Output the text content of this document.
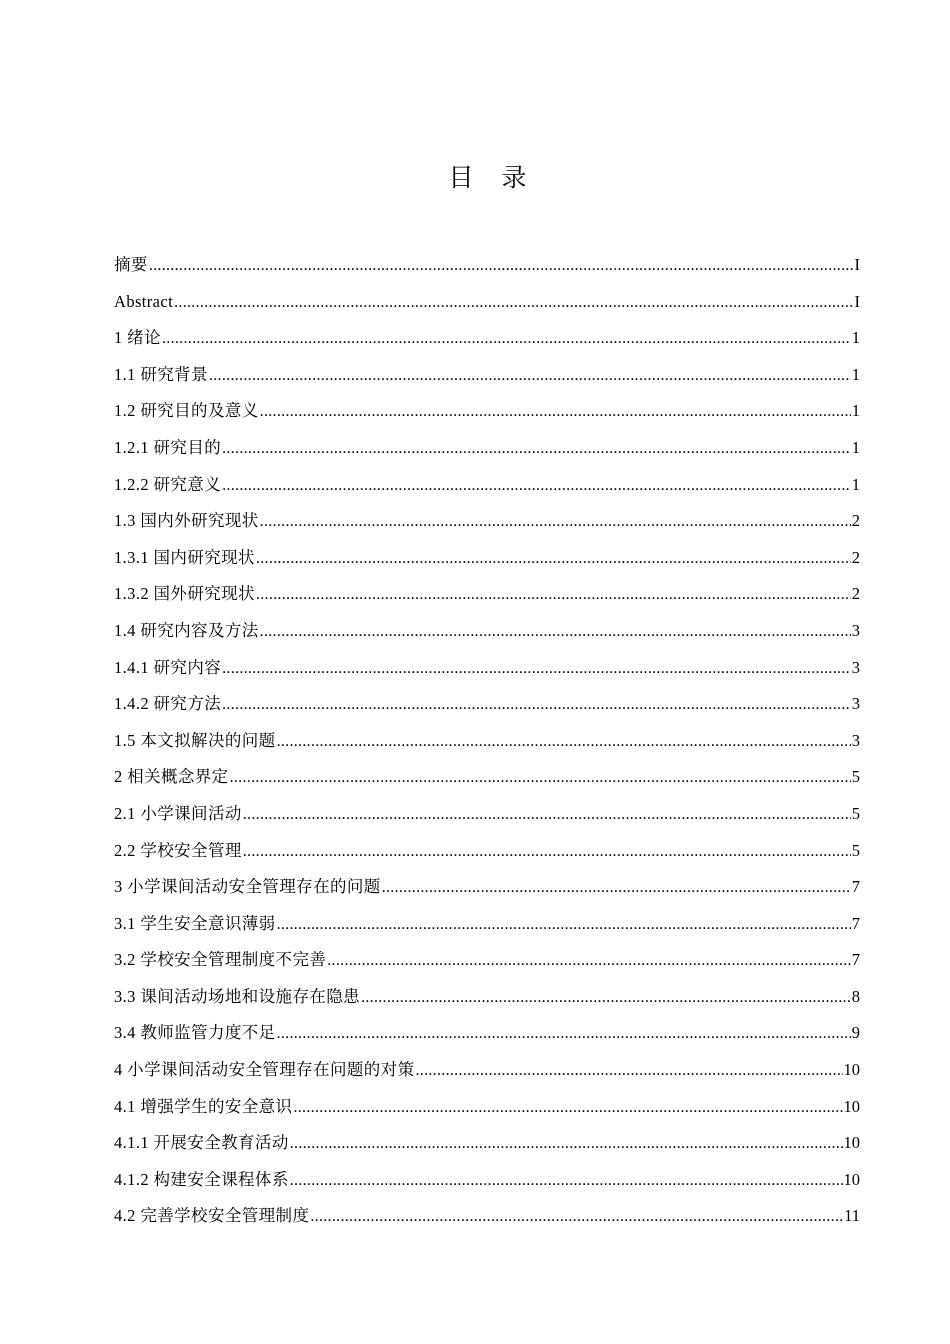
目 录
摘要 .....	I
Abstract .....	I
1 绪论 .....	1
1.1 研究背景 .....	1
1.2 研究目的及意义 .....	1
1.2.1 研究目的 .....	1
1.2.2 研究意义 .....	1
1.3 国内外研究现状 .....	2
1.3.1 国内研究现状 .....	2
1.3.2 国外研究现状 .....	2
1.4 研究内容及方法 .....	3
1.4.1 研究内容 .....	3
1.4.2 研究方法 .....	3
1.5 本文拟解决的问题 .....	3
2 相关概念界定 .....	5
2.1 小学课间活动 .....	5
2.2 学校安全管理 .....	5
3 小学课间活动安全管理存在的问题 .....	7
3.1 学生安全意识薄弱 .....	7
3.2 学校安全管理制度不完善 .....	7
3.3 课间活动场地和设施存在隐患 .....	8
3.4 教师监管力度不足 .....	9
4 小学课间活动安全管理存在问题的对策 .....	10
4.1 增强学生的安全意识 .....	10
4.1.1 开展安全教育活动 .....	10
4.1.2 构建安全课程体系 .....	10
4.2 完善学校安全管理制度 .....	11
